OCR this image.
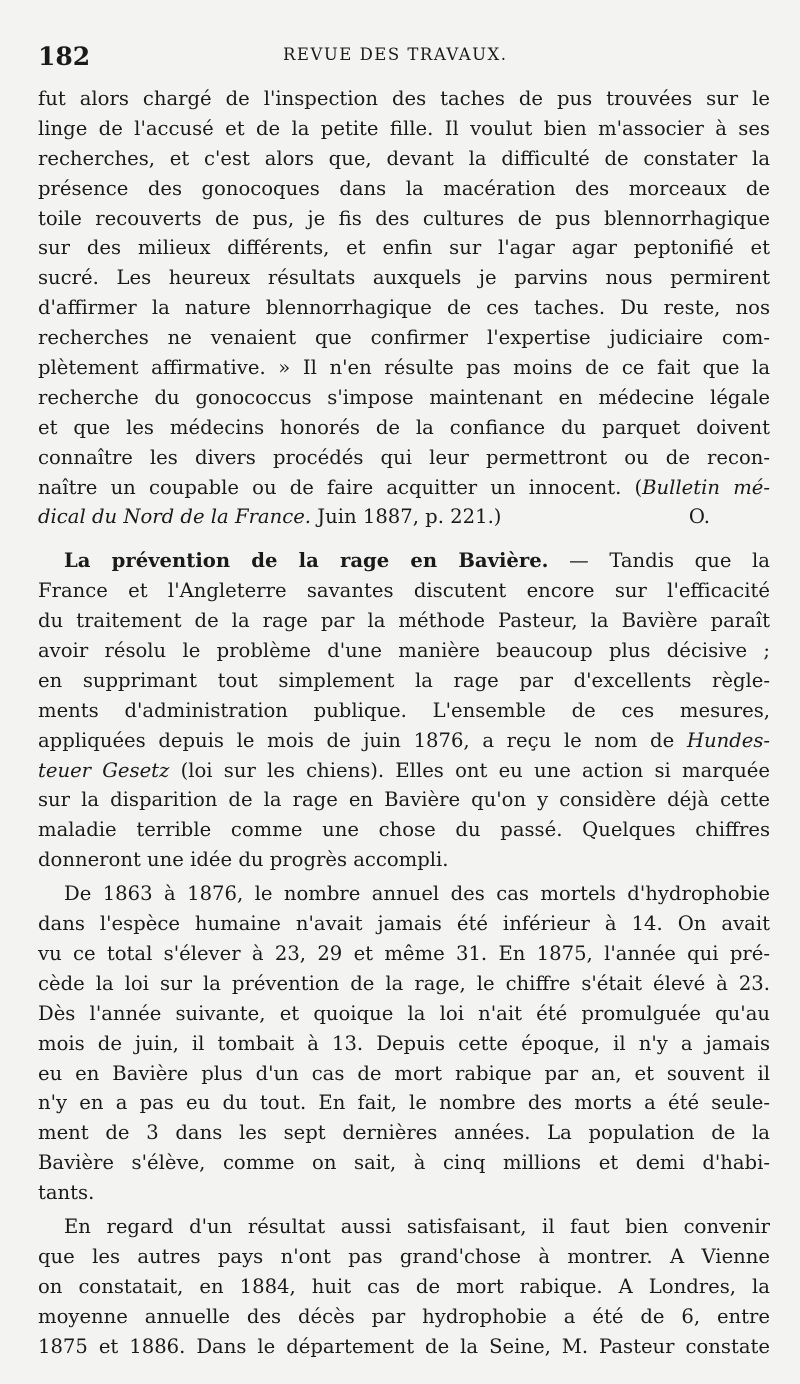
182	REVUE DES TRAVAUX.
fut alors chargé de l'inspection des taches de pus trouvées sur le
linge de l'accusé et de la petite fille. Il voulut bien m'associer à ses
recherches, et c'est alors que, devant la difficulté de constater la
présence des gonocoques dans la macération des morceaux de
toile recouverts de pus, je fis des cultures de pus blennorrhagique
sur des milieux différents, et enfin sur l'agar agar peptonifié et
sucré. Les heureux résultats auxquels je parvins nous permirent
d'affirmer la nature blennorrhagique de ces taches. Du reste, nos
recherches ne venaient que confirmer l'expertise judiciaire com-
plètement affirmative. » Il n'en résulte pas moins de ce fait que la
recherche du gonococcus s'impose maintenant en médecine légale
et que les médecins honorés de la confiance du parquet doivent
connaître les divers procédés qui leur permettront ou de recon-
naître un coupable ou de faire acquitter un innocent. (Bulletin mé-
dical du Nord de la France. Juin 1887, p. 221.)	O.
La prévention de la rage en Bavière. — Tandis que la
France et l'Angleterre savantes discutent encore sur l'efficacité
du traitement de la rage par la méthode Pasteur, la Bavière paraît
avoir résolu le problème d'une manière beaucoup plus décisive ;
en supprimant tout simplement la rage par d'excellents règle-
ments d'administration publique. L'ensemble de ces mesures,
appliquées depuis le mois de juin 1876, a reçu le nom de Hundes-
teuer Gesetz (loi sur les chiens). Elles ont eu une action si marquée
sur la disparition de la rage en Bavière qu'on y considère déjà cette
maladie terrible comme une chose du passé. Quelques chiffres
donneront une idée du progrès accompli.
De 1863 à 1876, le nombre annuel des cas mortels d'hydrophobie
dans l'espèce humaine n'avait jamais été inférieur à 14. On avait
vu ce total s'élever à 23, 29 et même 31. En 1875, l'année qui pré-
cède la loi sur la prévention de la rage, le chiffre s'était élevé à 23.
Dès l'année suivante, et quoique la loi n'ait été promulguée qu'au
mois de juin, il tombait à 13. Depuis cette époque, il n'y a jamais
eu en Bavière plus d'un cas de mort rabique par an, et souvent il
n'y en a pas eu du tout. En fait, le nombre des morts a été seule-
ment de 3 dans les sept dernières années. La population de la
Bavière s'élève, comme on sait, à cinq millions et demi d'habi-
tants.
En regard d'un résultat aussi satisfaisant, il faut bien convenir
que les autres pays n'ont pas grand'chose à montrer. A Vienne
on constatait, en 1884, huit cas de mort rabique. A Londres, la
moyenne annuelle des décès par hydrophobie a été de 6, entre
1875 et 1886. Dans le département de la Seine, M. Pasteur constate
